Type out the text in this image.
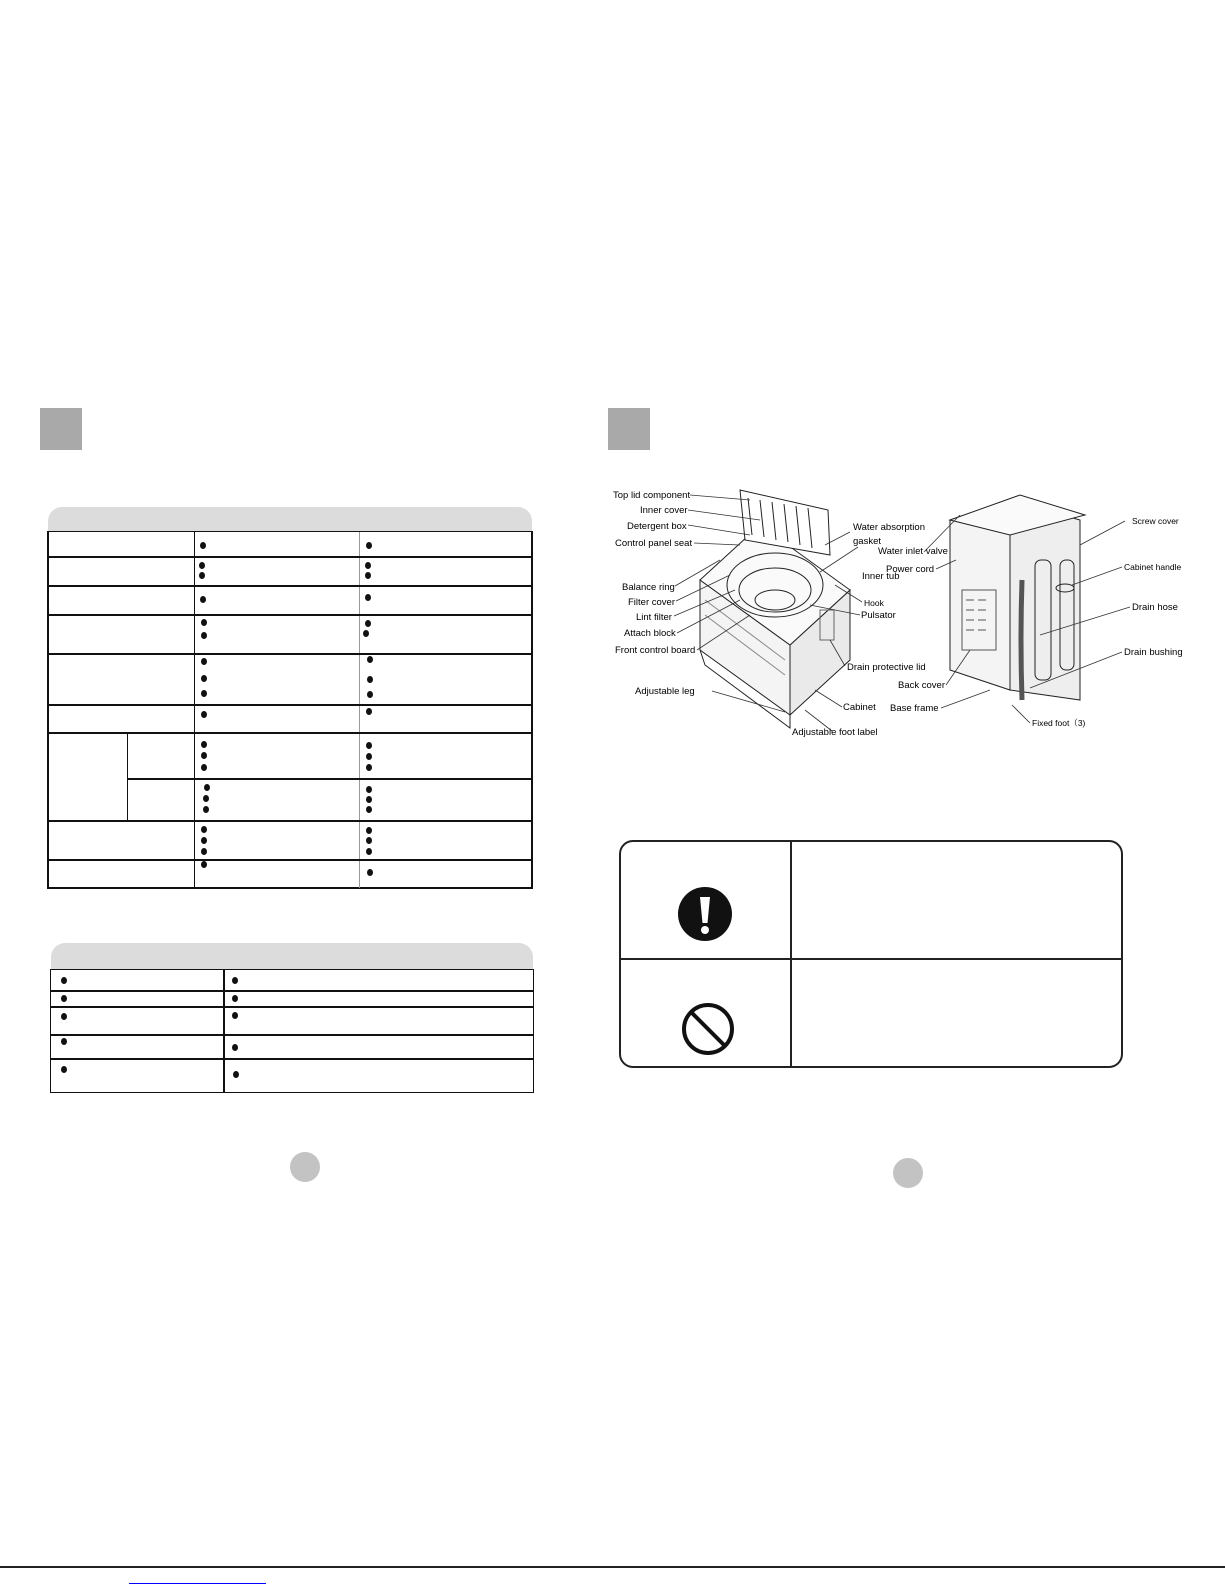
Top lid component
Inner cover
Detergent box
Control panel seat
Balance ring
Filter cover
Lint filter
Attach block
Front control board
Adjustable leg
Water absorption
gasket
Inner tub
Hook
Pulsator
Drain protective lid
Cabinet
Adjustable foot label
Water inlet valve
Power cord
Back cover
Base frame
Fixed foot（3)
Screw cover
Cabinet handle
Drain hose
Drain bushing
